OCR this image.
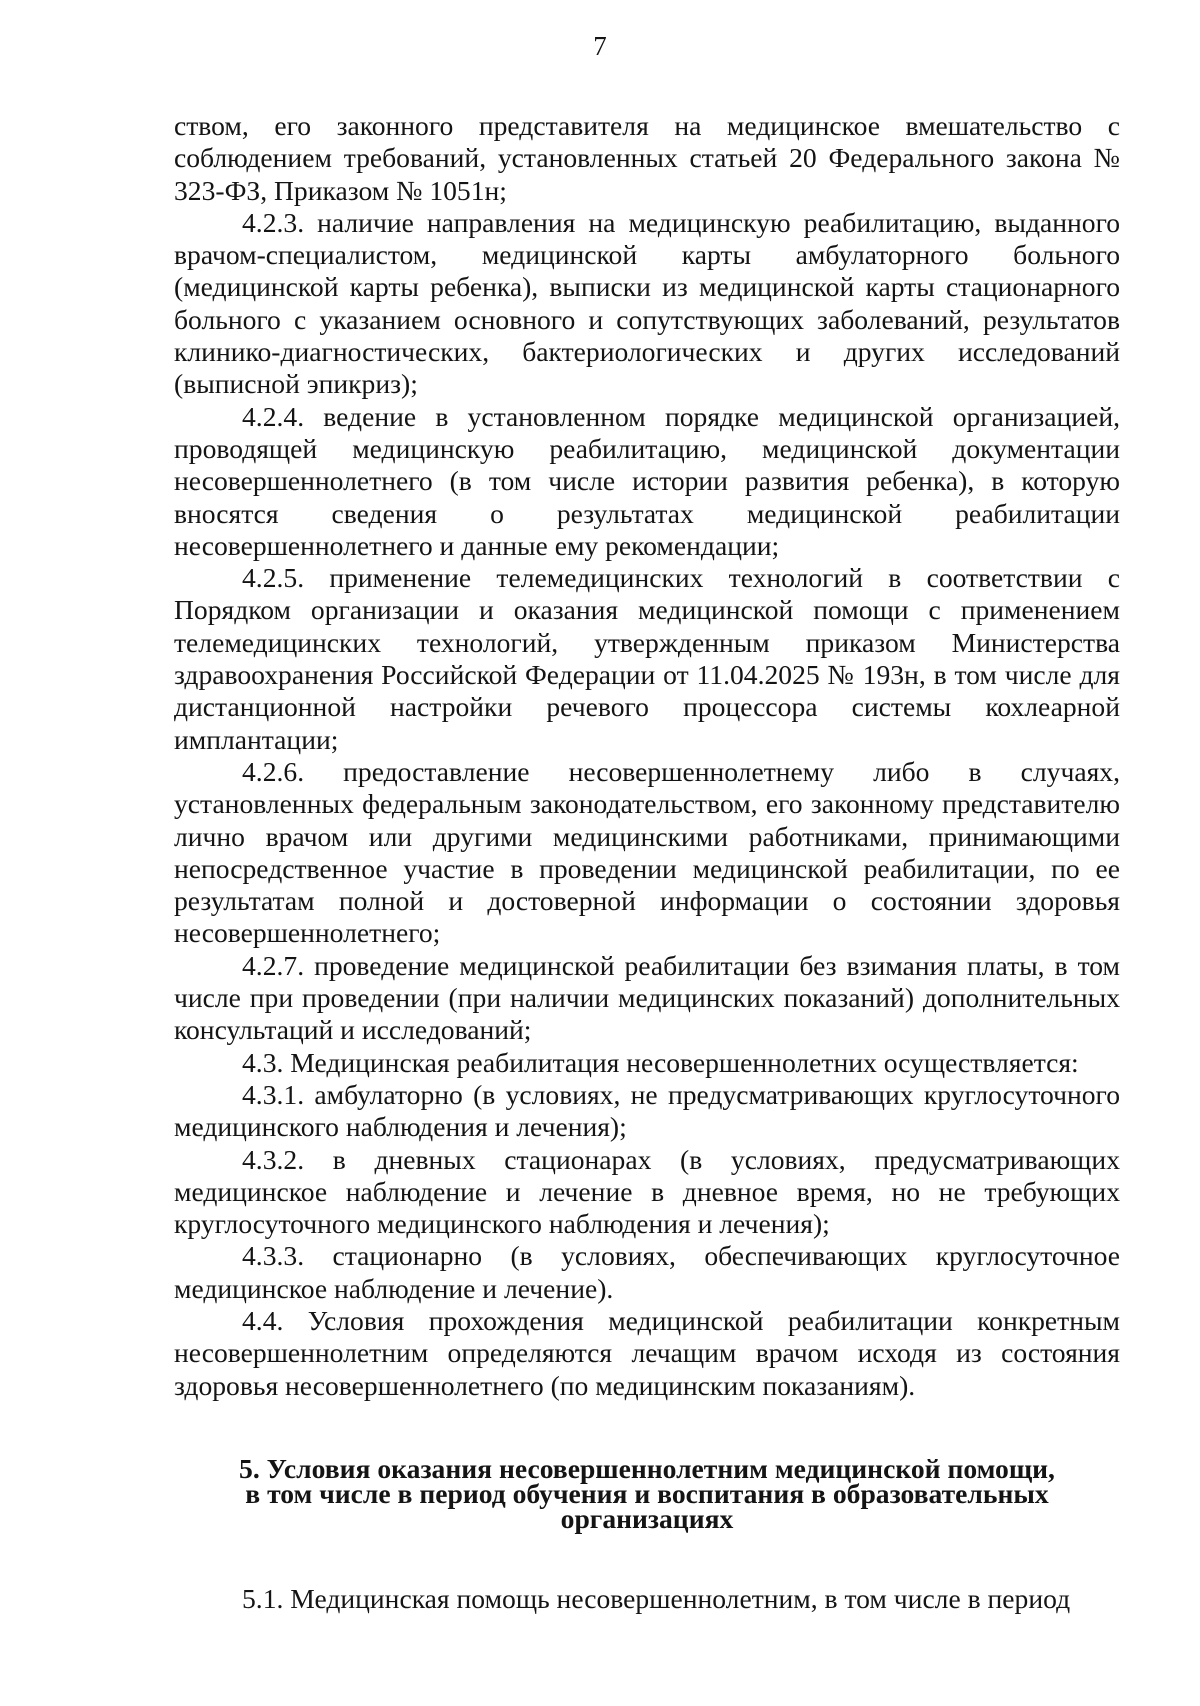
7

ством, его законного представителя на медицинское вмешательство с соблюдением требований, установленных статьей 20 Федерального закона № 323-ФЗ, Приказом № 1051н;

4.2.3. наличие направления на медицинскую реабилитацию, выданного врачом-специалистом, медицинской карты амбулаторного больного (медицинской карты ребенка), выписки из медицинской карты стационарного больного с указанием основного и сопутствующих заболеваний, результатов клинико-диагностических, бактериологических и других исследований (выписной эпикриз);

4.2.4. ведение в установленном порядке медицинской организацией, проводящей медицинскую реабилитацию, медицинской документации несовершеннолетнего (в том числе истории развития ребенка), в которую вносятся сведения о результатах медицинской реабилитации несовершеннолетнего и данные ему рекомендации;

4.2.5. применение телемедицинских технологий в соответствии с Порядком организации и оказания медицинской помощи с применением телемедицинских технологий, утвержденным приказом Министерства здравоохранения Российской Федерации от 11.04.2025 № 193н, в том числе для дистанционной настройки речевого процессора системы кохлеарной имплантации;

4.2.6. предоставление несовершеннолетнему либо в случаях, установленных федеральным законодательством, его законному представителю лично врачом или другими медицинскими работниками, принимающими непосредственное участие в проведении медицинской реабилитации, по ее результатам полной и достоверной информации о состоянии здоровья несовершеннолетнего;

4.2.7. проведение медицинской реабилитации без взимания платы, в том числе при проведении (при наличии медицинских показаний) дополнительных консультаций и исследований;

4.3. Медицинская реабилитация несовершеннолетних осуществляется:

4.3.1. амбулаторно (в условиях, не предусматривающих круглосуточного медицинского наблюдения и лечения);

4.3.2. в дневных стационарах (в условиях, предусматривающих медицинское наблюдение и лечение в дневное время, но не требующих круглосуточного медицинского наблюдения и лечения);

4.3.3. стационарно (в условиях, обеспечивающих круглосуточное медицинское наблюдение и лечение).

4.4. Условия прохождения медицинской реабилитации конкретным несовершеннолетним определяются лечащим врачом исходя из состояния здоровья несовершеннолетнего (по медицинским показаниям).

5. Условия оказания несовершеннолетним медицинской помощи,
в том числе в период обучения и воспитания в образовательных
организациях

5.1. Медицинская помощь несовершеннолетним, в том числе в период
